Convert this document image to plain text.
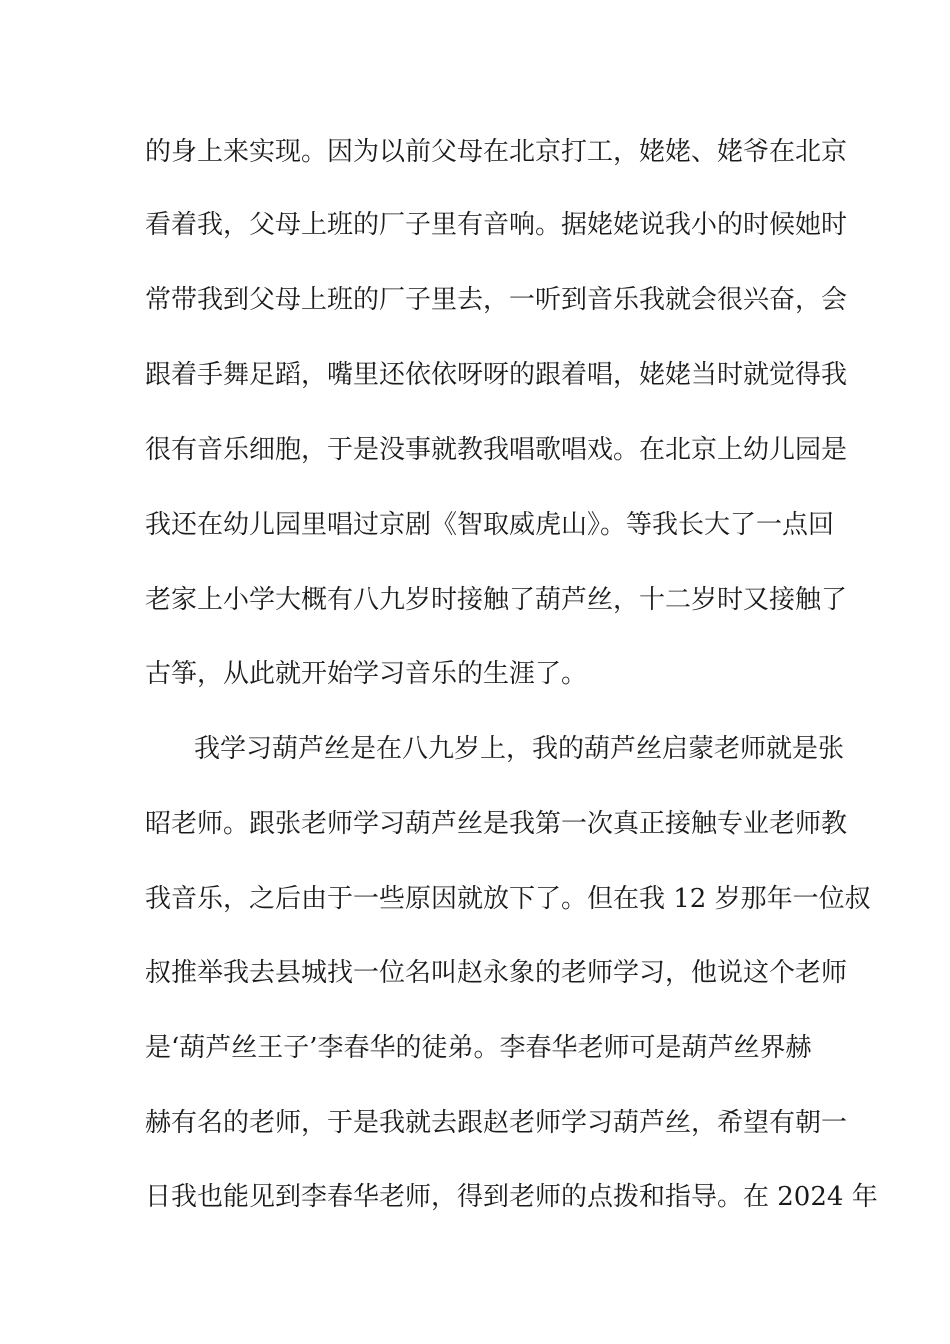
的身上来实现。因为以前父母在北京打工，姥姥、姥爷在北京
看着我，父母上班的厂子里有音响。据姥姥说我小的时候她时
常带我到父母上班的厂子里去，一听到音乐我就会很兴奋，会
跟着手舞足蹈，嘴里还依依呀呀的跟着唱，姥姥当时就觉得我
很有音乐细胞，于是没事就教我唱歌唱戏。在北京上幼儿园是
我还在幼儿园里唱过京剧《智取威虎山》。等我长大了一点回
老家上小学大概有八九岁时接触了葫芦丝，十二岁时又接触了
古筝，从此就开始学习音乐的生涯了。
我学习葫芦丝是在八九岁上，我的葫芦丝启蒙老师就是张
昭老师。跟张老师学习葫芦丝是我第一次真正接触专业老师教
我音乐，之后由于一些原因就放下了。但在我 12 岁那年一位叔
叔推举我去县城找一位名叫赵永象的老师学习，他说这个老师
是‘葫芦丝王子’李春华的徒弟。李春华老师可是葫芦丝界赫
赫有名的老师，于是我就去跟赵老师学习葫芦丝，希望有朝一
日我也能见到李春华老师，得到老师的点拨和指导。在 2024 年
